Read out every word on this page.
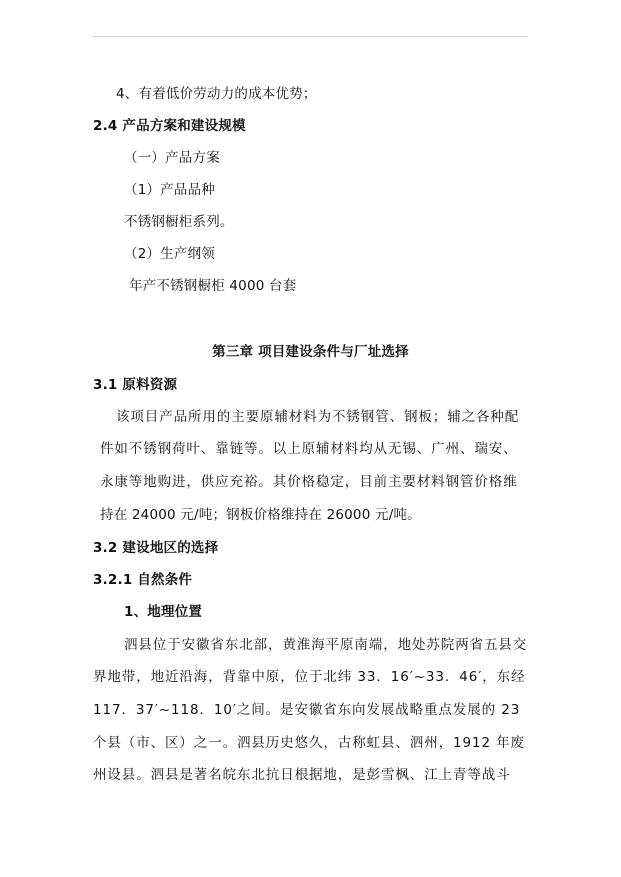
4、有着低价劳动力的成本优势；
2.4 产品方案和建设规模
（一）产品方案
（1）产品品种
不锈钢橱柜系列。
（2）生产纲领
年产不锈钢橱柜 4000 台套
第三章 项目建设条件与厂址选择
3.1 原料资源
该项目产品所用的主要原辅材料为不锈钢管、钢板；辅之各种配
件如不锈钢荷叶、靠链等。以上原辅材料均从无锡、广州、瑞安、
永康等地购进，供应充裕。其价格稳定，目前主要材料钢管价格维
持在 24000 元/吨；钢板价格维持在 26000 元/吨。
3.2 建设地区的选择
3.2.1 自然条件
1、地理位置
泗县位于安徽省东北部，黄淮海平原南端，地处苏院两省五县交
界地带，地近沿海，背靠中原，位于北纬 33．16′~33．46′，东经
117．37′~118．10′之间。是安徽省东向发展战略重点发展的 23
个县（市、区）之一。泗县历史悠久，古称虹县、泗州，1912 年废
州设县。泗县是著名皖东北抗日根据地，是彭雪枫、江上青等战斗
